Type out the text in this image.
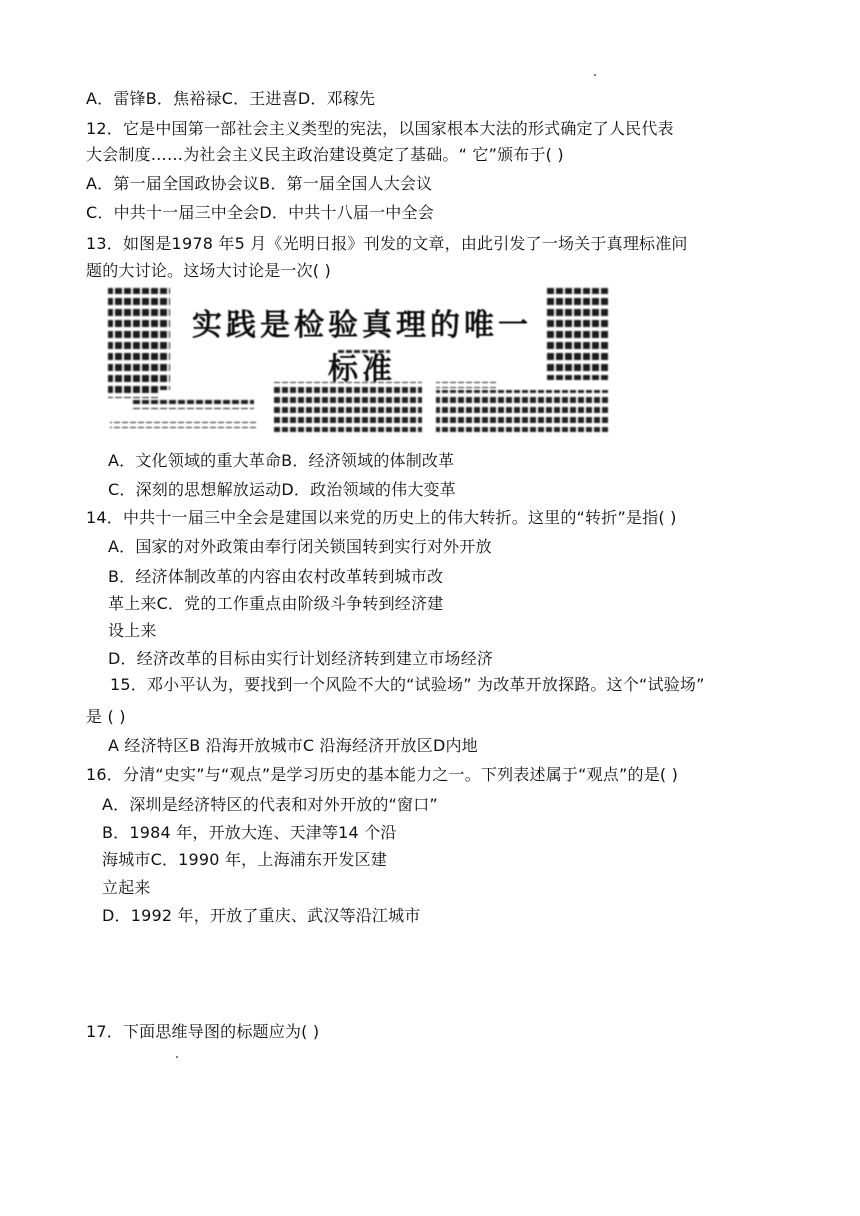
A．雷锋B．焦裕禄C．王进喜D．邓稼先
12．它是中国第一部社会主义类型的宪法，以国家根本大法的形式确定了人民代表
大会制度……为社会主义民主政治建设奠定了基础。“ 它”颁布于( )
A．第一届全国政协会议B．第一届全国人大会议
C．中共十一届三中全会D．中共十八届一中全会
13．如图是1978 年5 月《光明日报》刊发的文章，由此引发了一场关于真理标准问
题的大讨论。这场大讨论是一次( )
实践是检验真理的唯一标准
A．文化领域的重大革命B．经济领域的体制改革
C．深刻的思想解放运动D．政治领域的伟大变革
14．中共十一届三中全会是建国以来党的历史上的伟大转折。这里的“转折”是指( )
A．国家的对外政策由奉行闭关锁国转到实行对外开放
B．经济体制改革的内容由农村改革转到城市改
革上来C．党的工作重点由阶级斗争转到经济建
设上来
D．经济改革的目标由实行计划经济转到建立市场经济
15．邓小平认为，要找到一个风险不大的“试验场” 为改革开放探路。这个“试验场”
是 ( )
A 经济特区B 沿海开放城市C 沿海经济开放区D内地
16．分清“史实”与“观点”是学习历史的基本能力之一。下列表述属于“观点”的是( )
A．深圳是经济特区的代表和对外开放的“窗口”
B．1984 年，开放大连、天津等14 个沿
海城市C．1990 年，上海浦东开发区建
立起来
D．1992 年，开放了重庆、武汉等沿江城市
17．下面思维导图的标题应为( )
